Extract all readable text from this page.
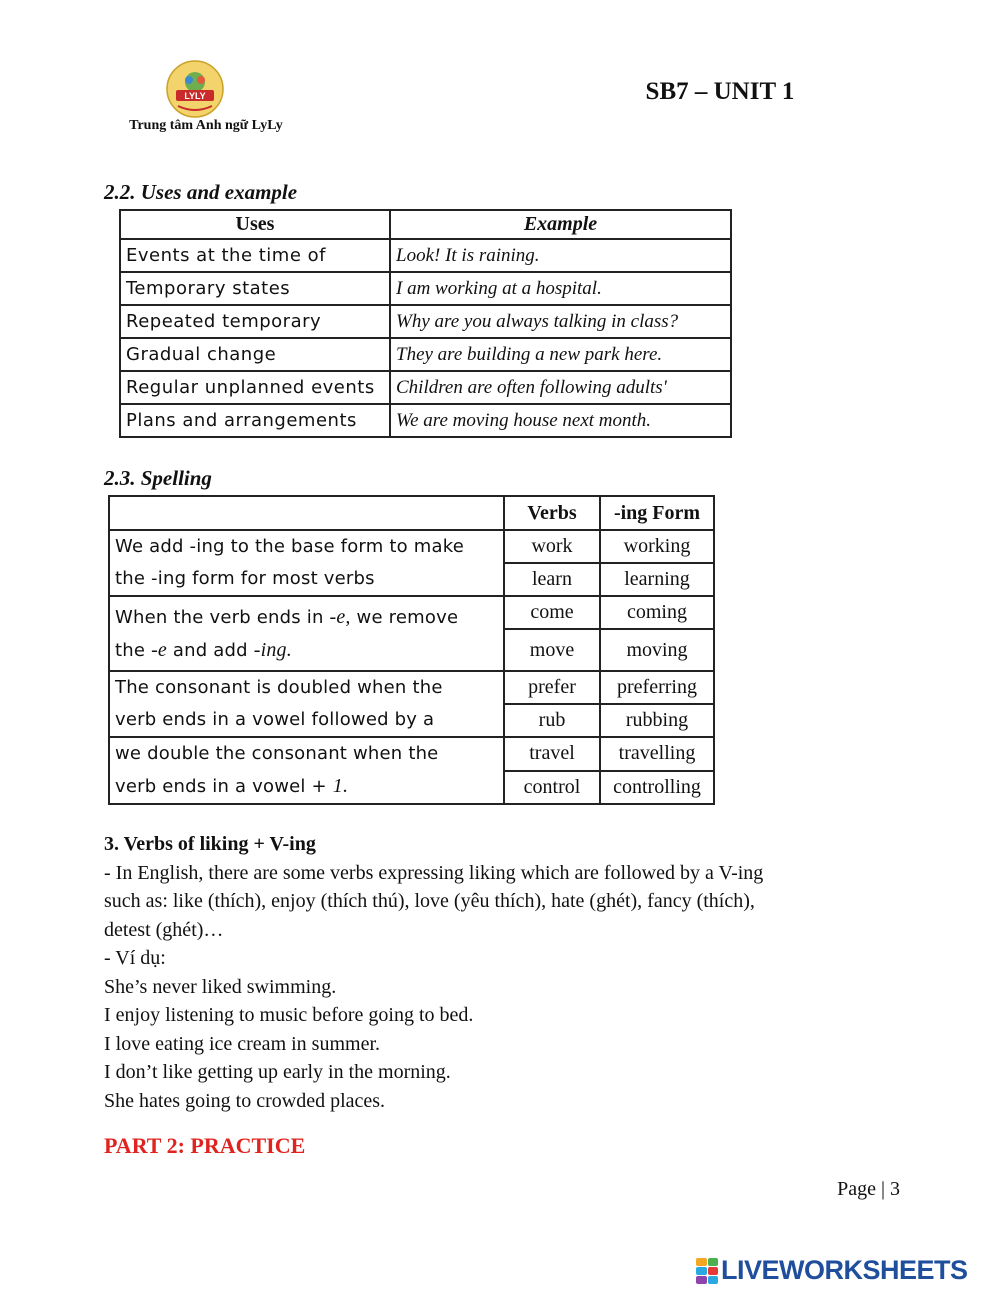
LYLY
Trung tâm Anh ngữ LyLy
SB7 – UNIT 1
2.2. Uses and example
Uses	Example
Events at the time of	Look! It is raining.
Temporary states	I am working at a hospital.
Repeated temporary	Why are you always talking in class?
Gradual change	They are building a new park here.
Regular unplanned events	Children are often following adults'
Plans and arrangements	We are moving house next month.
2.3. Spelling
	Verbs	-ing Form

We add -ing to the base form to make
the -ing form for most verbs	work	working
	learn	learning

When the verb ends in -e, we remove
the -e and add -ing.	come	coming
	move	moving

The consonant is doubled when the
verb ends in a vowel followed by a	prefer	preferring
	rub	rubbing

we double the consonant when the
verb ends in a vowel + 1.	travel	travelling
	control	controlling

3. Verbs of liking + V-ing

- In English, there are some verbs expressing liking which are followed by a V-ing

such as: like (thích), enjoy (thích thú), love (yêu thích), hate (ghét), fancy (thích),

detest (ghét)…

- Ví dụ:

She’s never liked swimming.

I enjoy listening to music before going to bed.

I love eating ice cream in summer.

I don’t like getting up early in the morning.

She hates going to crowded places.

PART 2: PRACTICE
Page | 3
LIVEWORKSHEETS
